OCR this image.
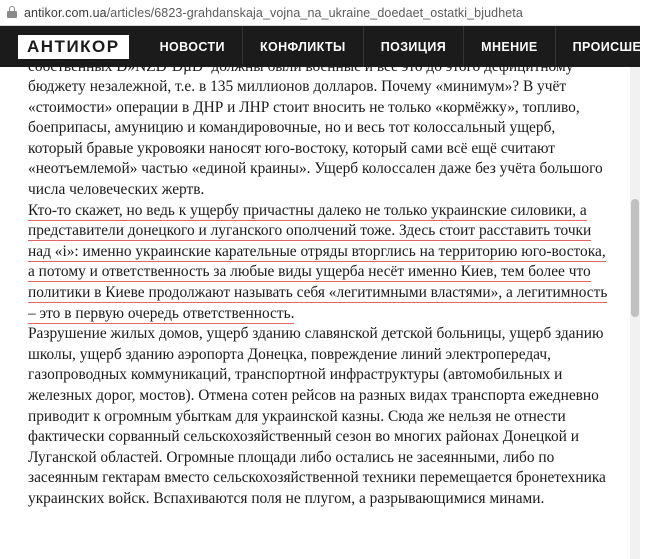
antikor.com.ua/articles/6823-grahdanskaja_vojna_na_ukraine_doedaet_ostatki_bjudheta
АНТИКОР	НОВОСТИ	КОНФЛИКТЫ	ПОЗИЦИЯ	МНЕНИЕ	ПРОИСШЕ
собственных Ð»ÑŽÐ´ÐµÐ¹ должны были военные и все это до этого дефицитному

бюджету незалежной, т.е. в 135 миллионов долларов. Почему «минимум»? В учёт «стоимости» операции в ДНР и ЛНР стоит вносить не только «кормёжку», топливо, боеприпасы, амуницию и командировочные, но и весь тот колоссальный ущерб, который бравые укровояки наносят юго-востоку, который сами всё ещё считают «неотъемлемой» частью «единой краины». Ущерб колоссален даже без учёта большого числа человеческих жертв.

Кто-то скажет, но ведь к ущербу причастны далеко не только украинские силовики, а представители донецкого и луганского ополчений тоже. Здесь стоит расставить точки над «i»: именно украинские карательные отряды вторглись на территорию юго-востока, а потому и ответственность за любые виды ущерба несёт именно Киев, тем более что политики в Киеве продолжают называть себя «легитимными властями», а легитимность – это в первую очередь ответственность.

Разрушение жилых домов, ущерб зданию славянской детской больницы, ущерб зданию школы, ущерб зданию аэропорта Донецка, повреждение линий электропередач, газопроводных коммуникаций, транспортной инфраструктуры (автомобильных и железных дорог, мостов). Отмена сотен рейсов на разных видах транспорта ежедневно приводит к огромным убыткам для украинской казны. Сюда же нельзя не отнести фактически сорванный сельскохозяйственный сезон во многих районах Донецкой и Луганской областей. Огромные площади либо остались не засеянными, либо по засеянным гектарам вместо сельскохозяйственной техники перемещается бронетехника украинских войск. Вспахиваются поля не плугом, а разрывающимися минами.
